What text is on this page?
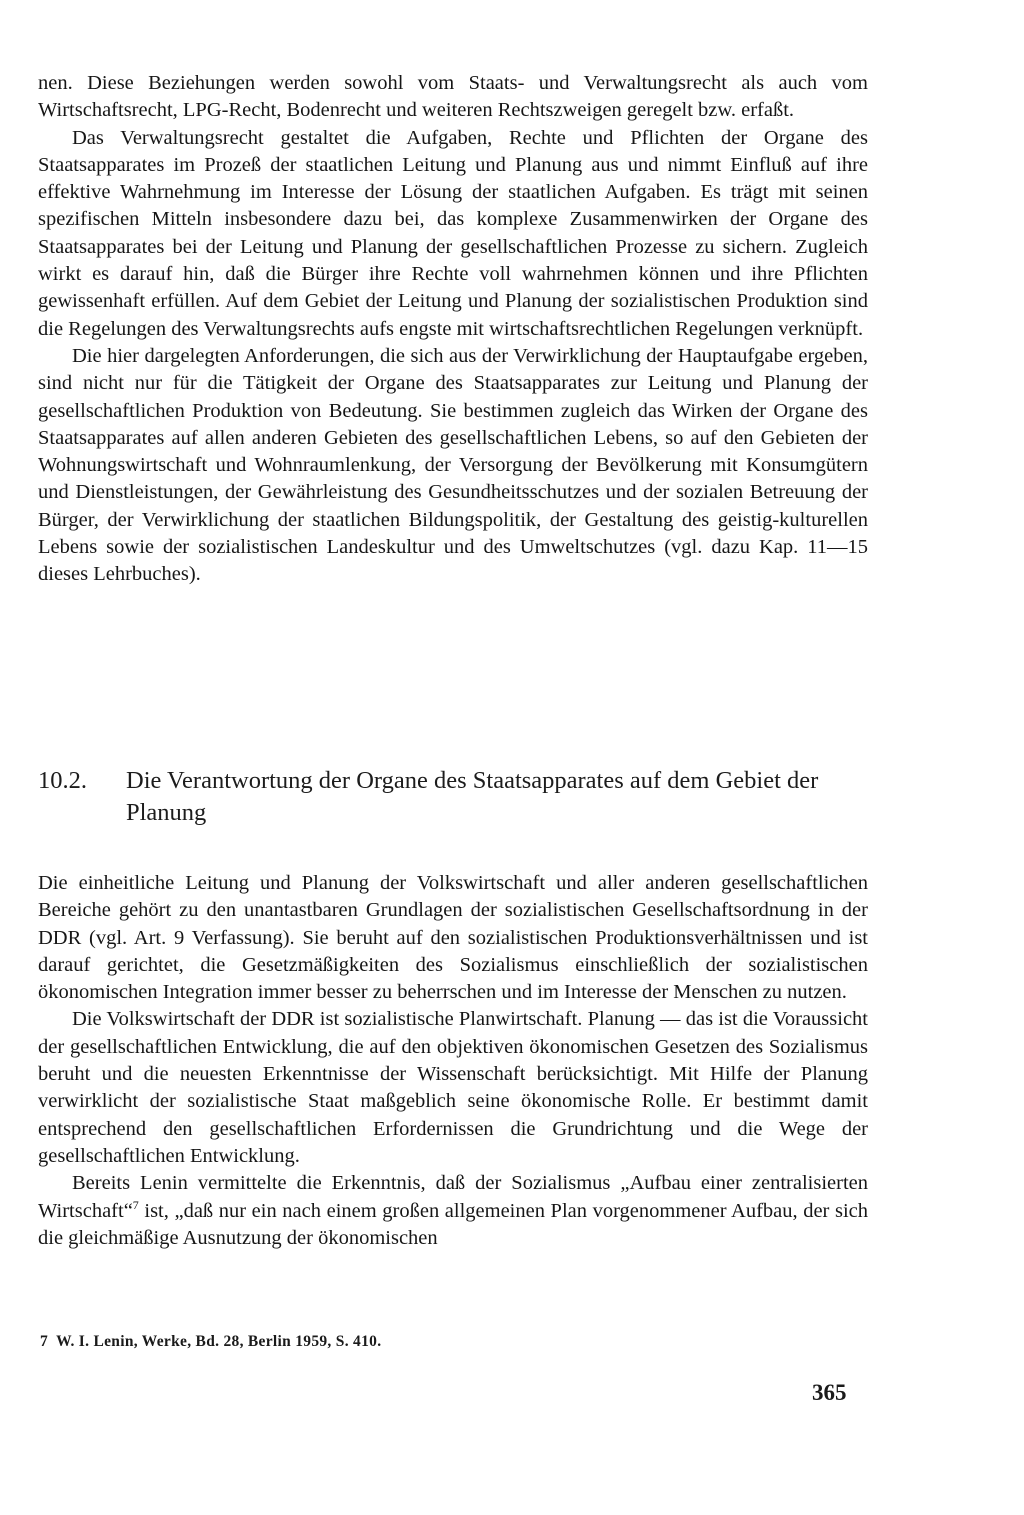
nen. Diese Beziehungen werden sowohl vom Staats- und Verwaltungsrecht als auch vom Wirtschaftsrecht, LPG-Recht, Bodenrecht und weiteren Rechtszweigen geregelt bzw. erfaßt.

Das Verwaltungsrecht gestaltet die Aufgaben, Rechte und Pflichten der Organe des Staatsapparates im Prozeß der staatlichen Leitung und Planung aus und nimmt Einfluß auf ihre effektive Wahrnehmung im Interesse der Lösung der staatlichen Aufgaben. Es trägt mit seinen spezifischen Mitteln insbesondere dazu bei, das komplexe Zusammenwirken der Organe des Staatsapparates bei der Leitung und Planung der gesellschaftlichen Prozesse zu sichern. Zugleich wirkt es darauf hin, daß die Bürger ihre Rechte voll wahrnehmen können und ihre Pflichten gewissenhaft erfüllen. Auf dem Gebiet der Leitung und Planung der sozialistischen Produktion sind die Regelungen des Verwaltungsrechts aufs engste mit wirtschaftsrechtlichen Regelungen verknüpft.

Die hier dargelegten Anforderungen, die sich aus der Verwirklichung der Hauptaufgabe ergeben, sind nicht nur für die Tätigkeit der Organe des Staatsapparates zur Leitung und Planung der gesellschaftlichen Produktion von Bedeutung. Sie bestimmen zugleich das Wirken der Organe des Staatsapparates auf allen anderen Gebieten des gesellschaftlichen Lebens, so auf den Gebieten der Wohnungswirtschaft und Wohnraumlenkung, der Versorgung der Bevölkerung mit Konsumgütern und Dienstleistungen, der Gewährleistung des Gesundheitsschutzes und der sozialen Betreuung der Bürger, der Verwirklichung der staatlichen Bildungspolitik, der Gestaltung des geistig-kulturellen Lebens sowie der sozialistischen Landeskultur und des Umweltschutzes (vgl. dazu Kap. 11—15 dieses Lehrbuches).

10.2.	Die Verantwortung der Organe des Staatsapparates auf dem Gebiet der Planung

Die einheitliche Leitung und Planung der Volkswirtschaft und aller anderen gesellschaftlichen Bereiche gehört zu den unantastbaren Grundlagen der sozialistischen Gesellschaftsordnung in der DDR (vgl. Art. 9 Verfassung). Sie beruht auf den sozialistischen Produktionsverhältnissen und ist darauf gerichtet, die Gesetzmäßigkeiten des Sozialismus einschließlich der sozialistischen ökonomischen Integration immer besser zu beherrschen und im Interesse der Menschen zu nutzen.

Die Volkswirtschaft der DDR ist sozialistische Planwirtschaft. Planung — das ist die Voraussicht der gesellschaftlichen Entwicklung, die auf den objektiven ökonomischen Gesetzen des Sozialismus beruht und die neuesten Erkenntnisse der Wissenschaft berücksichtigt. Mit Hilfe der Planung verwirklicht der sozialistische Staat maßgeblich seine ökonomische Rolle. Er bestimmt damit entsprechend den gesellschaftlichen Erfordernissen die Grundrichtung und die Wege der gesellschaftlichen Entwicklung.

Bereits Lenin vermittelte die Erkenntnis, daß der Sozialismus „Aufbau einer zentralisierten Wirtschaft“$^7$ ist, „daß nur ein nach einem großen allgemeinen Plan vorgenommener Aufbau, der sich die gleichmäßige Ausnutzung der ökonomischen

7 W. I. Lenin, Werke, Bd. 28, Berlin 1959, S. 410.
365
